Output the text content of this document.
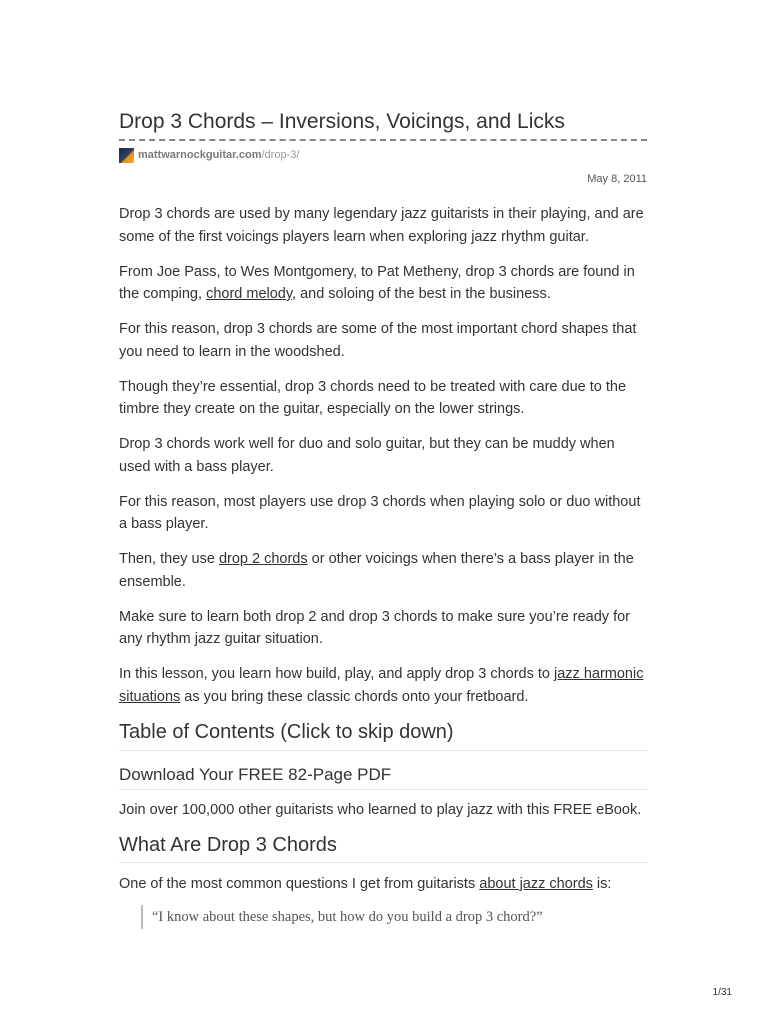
Drop 3 Chords – Inversions, Voicings, and Licks
mattwarnockguitar.com /drop-3/
May 8, 2011

Drop 3 chords are used by many legendary jazz guitarists in their playing, and are some of the first voicings players learn when exploring jazz rhythm guitar.

From Joe Pass, to Wes Montgomery, to Pat Metheny, drop 3 chords are found in the comping, chord melody, and soloing of the best in the business.

For this reason, drop 3 chords are some of the most important chord shapes that you need to learn in the woodshed.

Though they’re essential, drop 3 chords need to be treated with care due to the timbre they create on the guitar, especially on the lower strings.

Drop 3 chords work well for duo and solo guitar, but they can be muddy when used with a bass player.

For this reason, most players use drop 3 chords when playing solo or duo without a bass player.

Then, they use drop 2 chords or other voicings when there’s a bass player in the ensemble.

Make sure to learn both drop 2 and drop 3 chords to make sure you’re ready for any rhythm jazz guitar situation.

In this lesson, you learn how build, play, and apply drop 3 chords to jazz harmonic situations as you bring these classic chords onto your fretboard.

Table of Contents (Click to skip down)
Download Your FREE 82-Page PDF

Join over 100,000 other guitarists who learned to play jazz with this FREE eBook.

What Are Drop 3 Chords

One of the most common questions I get from guitarists about jazz chords is:

“I know about these shapes, but how do you build a drop 3 chord?”
1/31
